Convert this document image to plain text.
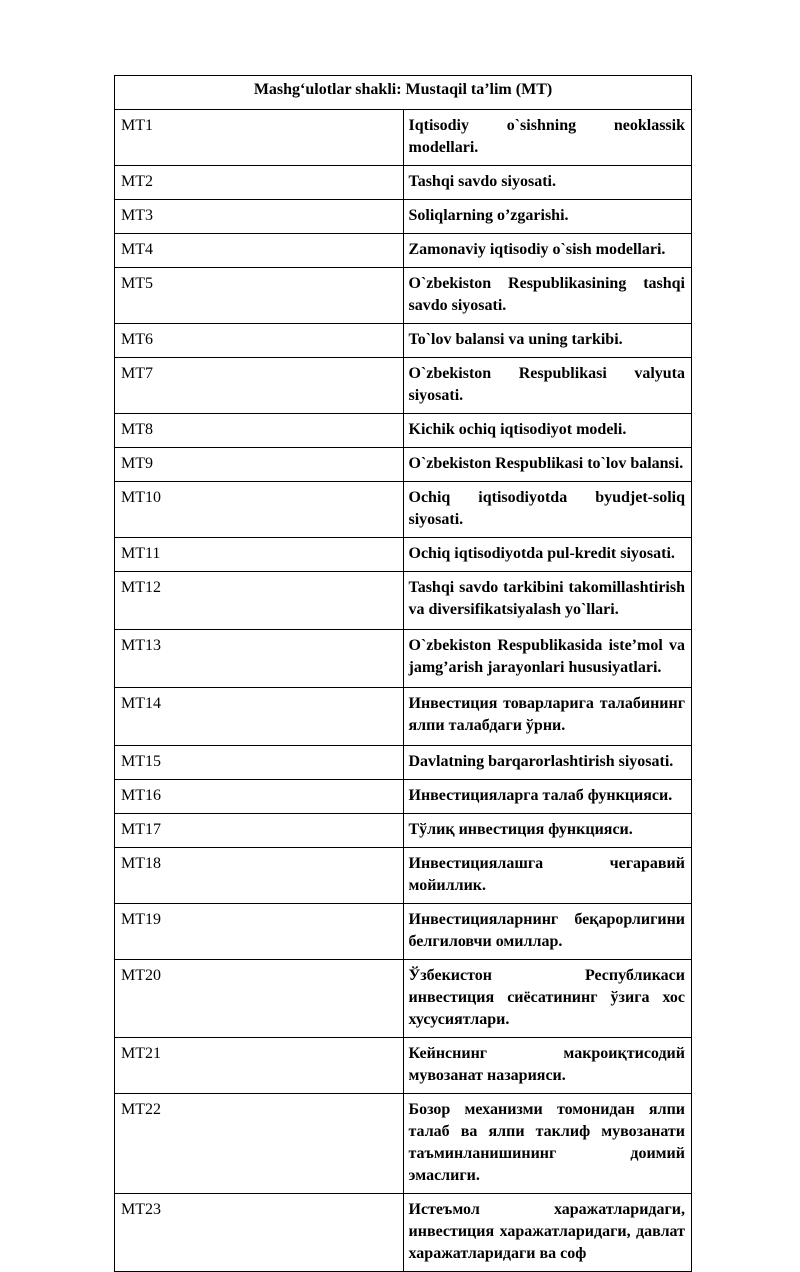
Mashg‘ulotlar shakli: Mustaqil ta’lim (MT)	

MT1	Iqtisodiy o`sishning neoklassik modellari.
MT2	Tashqi savdo siyosati.
MT3	Soliqlarning o’zgarishi.
MT4	Zamonaviy iqtisodiy o`sish modellari.
MT5	O`zbekiston Respublikasining tashqi savdo siyosati.
MT6	To`lov balansi va uning tarkibi.
MT7	O`zbekiston Respublikasi valyuta siyosati.
MT8	Kichik ochiq iqtisodiyot modeli.
MT9	O`zbekiston Respublikasi to`lov balansi.
MT10	Ochiq iqtisodiyotda byudjet-soliq siyosati.
MT11	Ochiq iqtisodiyotda pul-kredit siyosati.
MT12	Tashqi savdo tarkibini takomillashtirish va diversifikatsiyalash yo`llari.
MT13	O`zbekiston Respublikasida iste’mol va jamg’arish jarayonlari hususiyatlari.
MT14	Инвестиция товарларига талабининг ялпи талабдаги ўрни.
MT15	Davlatning barqarorlashtirish siyosati.
MT16	Инвестицияларга талаб функцияси.
MT17	Тўлиқ инвестиция функцияси.
MT18	Инвестициялашга чегаравий мойиллик.
MT19	Инвестицияларнинг беқарорлигини белгиловчи омиллар.
MT20	Ўзбекистон Республикаси инвестиция сиёсатининг ўзига хос хусусиятлари.
MT21	Кейнснинг макроиқтисодий мувозанат назарияси.
MT22	Бозор механизми томонидан ялпи талаб ва ялпи таклиф мувозанати таъминланишининг доимий эмаслиги.
MT23	Истеъмол харажатларидаги, инвестиция харажатларидаги, давлат харажатларидаги ва соф
